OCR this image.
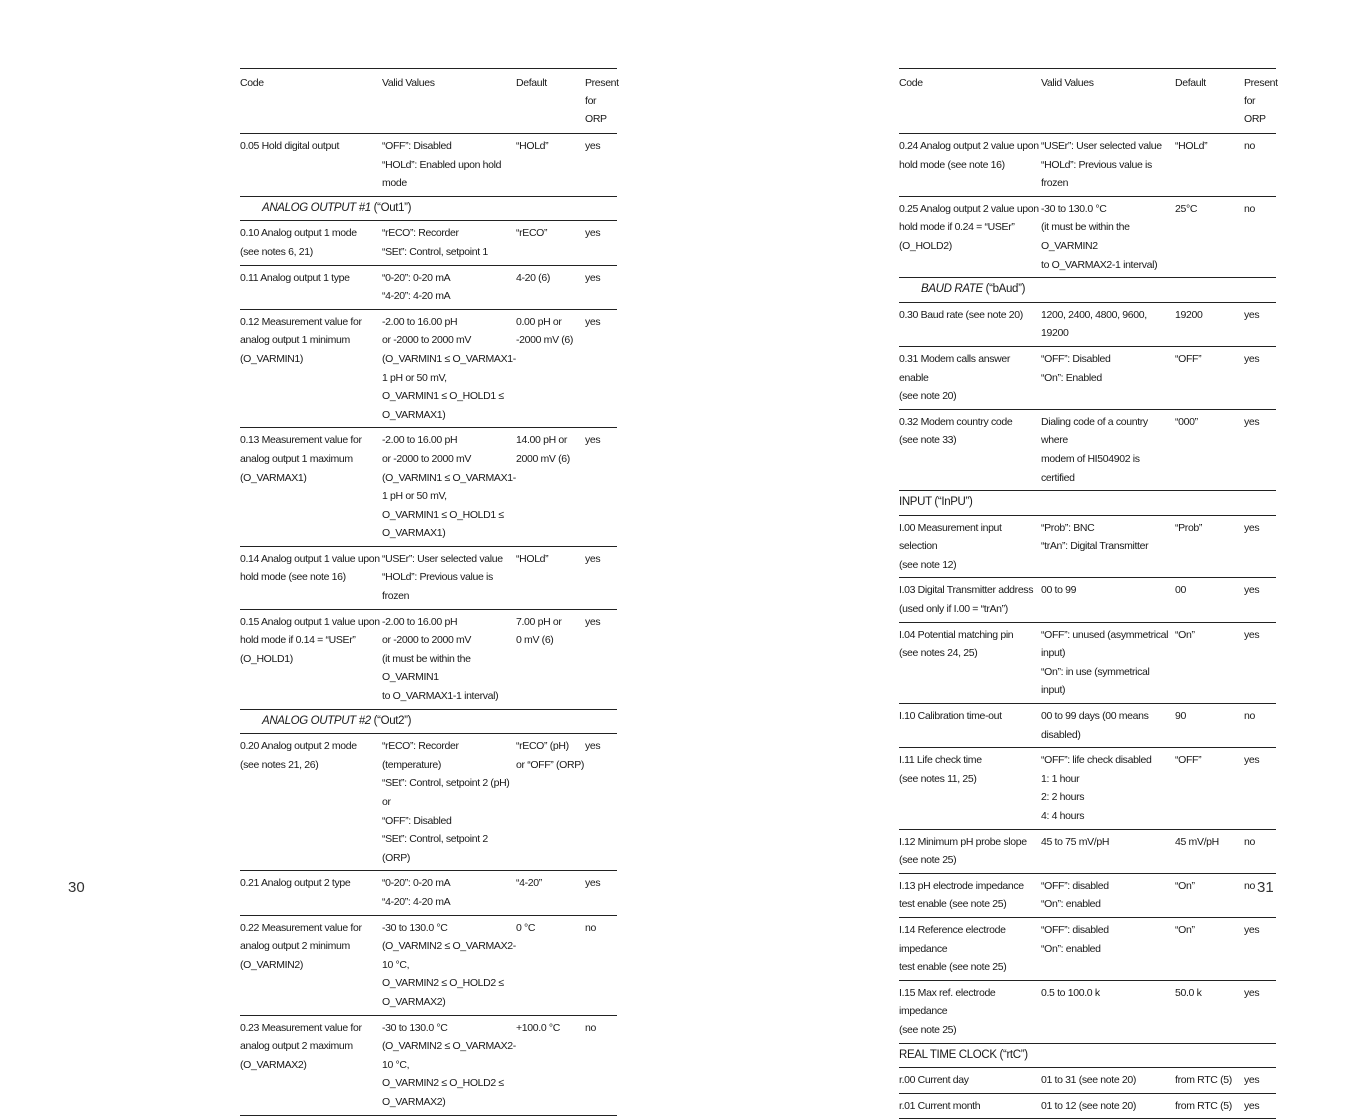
Code	Valid Values	Default	Present
for ORP
0.05 Hold digital output	“OFF”: Disabled
“HOLd”: Enabled upon hold mode	“HOLd”	yes
ANALOG OUTPUT #1 (“Out1”)			
0.10 Analog output 1 mode
(see notes 6, 21)	“rECO”: Recorder
“SEt”: Control, setpoint 1	“rECO”	yes
0.11 Analog output 1 type	“0-20”: 0-20 mA
“4-20”: 4-20 mA	4-20 (6)	yes
0.12 Measurement value for
analog output 1 minimum
(O_VARMIN1)	-2.00 to 16.00 pH
or -2000 to 2000 mV
(O_VARMIN1 ≤ O_VARMAX1-1 pH or 50 mV,
O_VARMIN1 ≤ O_HOLD1 ≤ O_VARMAX1)	0.00 pH or
-2000 mV (6)	yes
0.13 Measurement value for
analog output 1 maximum
(O_VARMAX1)	-2.00 to 16.00 pH
or -2000 to 2000 mV
(O_VARMIN1 ≤ O_VARMAX1-1 pH or 50 mV,
O_VARMIN1 ≤ O_HOLD1 ≤ O_VARMAX1)	14.00 pH or
2000 mV (6)	yes
0.14 Analog output 1 value upon
hold mode (see note 16)	“USEr”: User selected value
“HOLd”: Previous value is frozen	“HOLd”	yes
0.15 Analog output 1 value upon
hold mode if 0.14 = “USEr”
(O_HOLD1)	-2.00 to 16.00 pH
or -2000 to 2000 mV
(it must be within the O_VARMIN1
to O_VARMAX1-1 interval)	7.00 pH or
0 mV (6)	yes
ANALOG OUTPUT #2 (“Out2”)			
0.20 Analog output 2 mode
(see notes 21, 26)	“rECO”: Recorder (temperature)
“SEt”: Control, setpoint 2 (pH)
or
“OFF”: Disabled
“SEt”: Control, setpoint 2 (ORP)	“rECO” (pH)
or “OFF” (ORP)	yes
0.21 Analog output 2 type	“0-20”: 0-20 mA
“4-20”: 4-20 mA	“4-20”	yes
0.22 Measurement value for
analog output 2 minimum
(O_VARMIN2)	-30 to 130.0 °C
(O_VARMIN2 ≤ O_VARMAX2-10 °C,
O_VARMIN2 ≤ O_HOLD2 ≤ O_VARMAX2)	0 °C	no
0.23 Measurement value for
analog output 2 maximum
(O_VARMAX2)	-30 to 130.0 °C
(O_VARMIN2 ≤ O_VARMAX2-10 °C,
O_VARMIN2 ≤ O_HOLD2 ≤ O_VARMAX2)	+100.0 °C	no

30
Code	Valid Values	Default	Present
for ORP
0.24 Analog output 2 value upon
hold mode (see note 16)	“USEr”: User selected value
“HOLd”: Previous value is frozen	“HOLd”	no
0.25 Analog output 2 value upon
hold mode if 0.24 = “USEr”
(O_HOLD2)	-30 to 130.0 °C
(it must be within the O_VARMIN2
to O_VARMAX2-1 interval)	25°C	no
BAUD RATE (“bAud”)			
0.30 Baud rate (see note 20)	1200, 2400, 4800, 9600, 19200	19200	yes
0.31 Modem calls answer enable
(see note 20)	“OFF”: Disabled
“On”: Enabled	“OFF”	yes
0.32 Modem country code
(see note 33)	Dialing code of a country where
modem of HI504902 is certified	“000”	yes
INPUT (“InPU”)			
I.00 Measurement input selection
(see note 12)	“Prob”: BNC
“trAn”: Digital Transmitter	“Prob”	yes
I.03 Digital Transmitter address
(used only if I.00 = “trAn”)	00 to 99	00	yes
I.04 Potential matching pin
(see notes 24, 25)	“OFF”: unused (asymmetrical input)
“On”: in use (symmetrical input)	“On”	yes
I.10 Calibration time-out	00 to 99 days (00 means disabled)	90	no
I.11 Life check time
(see notes 11, 25)	“OFF”: life check disabled
1: 1 hour
2: 2 hours
4: 4 hours	“OFF”	yes
I.12 Minimum pH probe slope
(see note 25)	45 to 75 mV/pH	45 mV/pH	no
I.13 pH electrode impedance
test enable (see note 25)	“OFF”: disabled
“On”: enabled	“On”	no
I.14 Reference electrode impedance
test enable (see note 25)	“OFF”: disabled
“On”: enabled	“On”	yes
I.15 Max ref. electrode impedance
(see note 25)	0.5 to 100.0 k	50.0 k	yes
REAL TIME CLOCK (“rtC”)			
r.00 Current day	01 to 31 (see note 20)	from RTC (5)	yes
r.01 Current month	01 to 12 (see note 20)	from RTC (5)	yes

31
